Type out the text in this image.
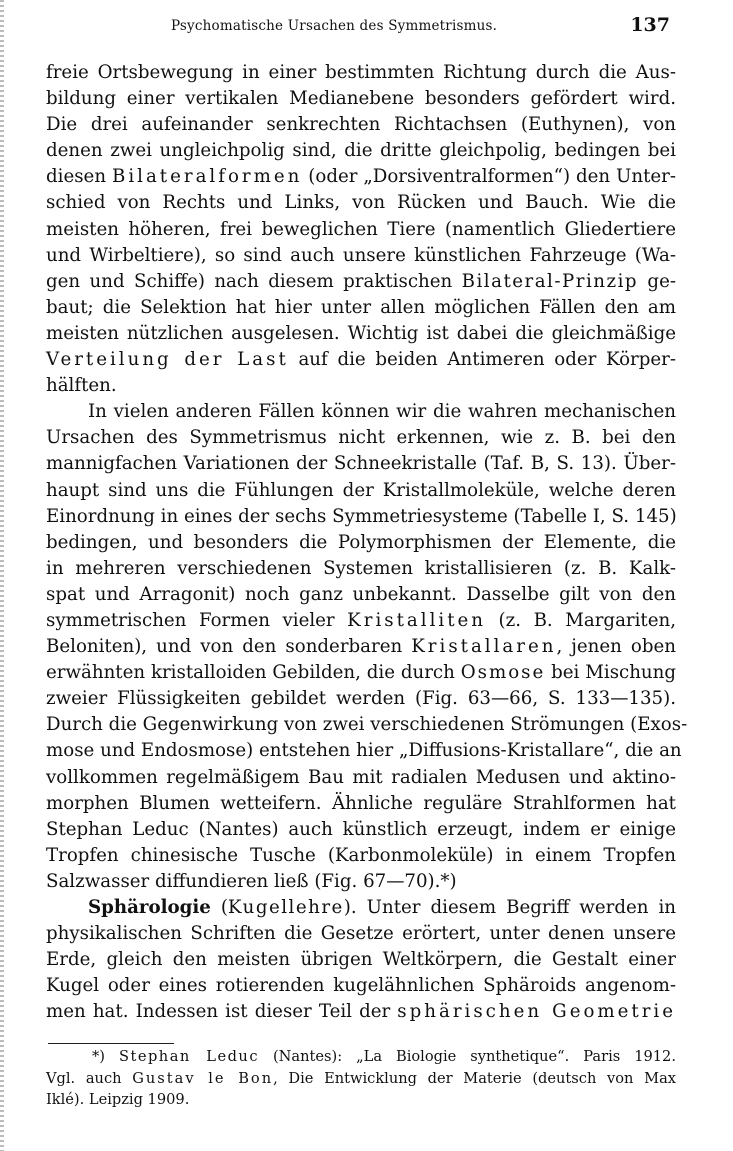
Psychomatische Ursachen des Symmetrismus.	137
freie Ortsbewegung in einer bestimmten Richtung durch die Aus-
bildung einer vertikalen Medianebene besonders gefördert wird.
Die drei aufeinander senkrechten Richtachsen (Euthynen), von
denen zwei ungleichpolig sind, die dritte gleichpolig, bedingen bei
diesen Bilateralformen (oder „Dorsiventralformen“) den Unter-
schied von Rechts und Links, von Rücken und Bauch. Wie die
meisten höheren, frei beweglichen Tiere (namentlich Gliedertiere
und Wirbeltiere), so sind auch unsere künstlichen Fahrzeuge (Wa-
gen und Schiffe) nach diesem praktischen Bilateral-Prinzip ge-
baut; die Selektion hat hier unter allen möglichen Fällen den am
meisten nützlichen ausgelesen. Wichtig ist dabei die gleichmäßige
Verteilung der Last auf die beiden Antimeren oder Körper-
hälften.
In vielen anderen Fällen können wir die wahren mechanischen
Ursachen des Symmetrismus nicht erkennen, wie z. B. bei den
mannigfachen Variationen der Schneekristalle (Taf. B, S. 13). Über-
haupt sind uns die Fühlungen der Kristallmoleküle, welche deren
Einordnung in eines der sechs Symmetriesysteme (Tabelle I, S. 145)
bedingen, und besonders die Polymorphismen der Elemente, die
in mehreren verschiedenen Systemen kristallisieren (z. B. Kalk-
spat und Arragonit) noch ganz unbekannt. Dasselbe gilt von den
symmetrischen Formen vieler Kristalliten (z. B. Margariten,
Beloniten), und von den sonderbaren Kristallaren, jenen oben
erwähnten kristalloiden Gebilden, die durch Osmose bei Mischung
zweier Flüssigkeiten gebildet werden (Fig. 63—66, S. 133—135).
Durch die Gegenwirkung von zwei verschiedenen Strömungen (Exos-
mose und Endosmose) entstehen hier „Diffusions-Kristallare“, die an
vollkommen regelmäßigem Bau mit radialen Medusen und aktino-
morphen Blumen wetteifern. Ähnliche reguläre Strahlformen hat
Stephan Leduc (Nantes) auch künstlich erzeugt, indem er einige
Tropfen chinesische Tusche (Karbonmoleküle) in einem Tropfen
Salzwasser diffundieren ließ (Fig. 67—70).*)
Sphärologie (Kugellehre). Unter diesem Begriff werden in
physikalischen Schriften die Gesetze erörtert, unter denen unsere
Erde, gleich den meisten übrigen Weltkörpern, die Gestalt einer
Kugel oder eines rotierenden kugelähnlichen Sphäroids angenom-
men hat. Indessen ist dieser Teil der sphärischen Geometrie
*) Stephan Leduc (Nantes): „La Biologie synthetique“. Paris 1912.
Vgl. auch Gustav le Bon, Die Entwicklung der Materie (deutsch von Max
Iklé). Leipzig 1909.
